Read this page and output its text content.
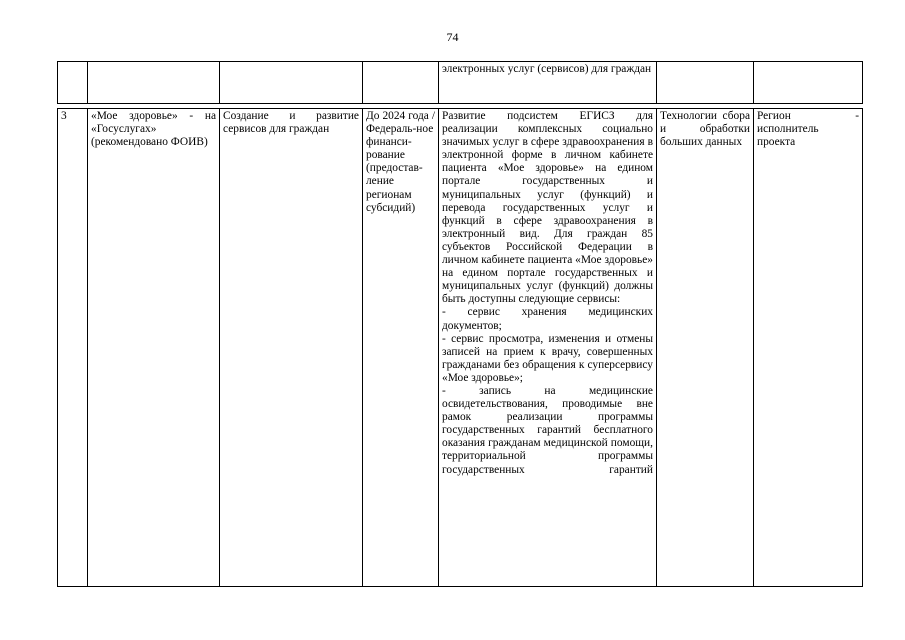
74
				электронных услуг (сервисов) для граждан		

3	«Мое здоровье» - на «Госуслугах» (рекомендовано ФОИВ)	Создание и развитие сервисов для граждан	До 2024 года / Федераль-ное финанси-рование (предостав-ление регионам субсидий)	Развитие подсистем ЕГИСЗ для реализации комплексных социально значимых услуг в сфере здравоохранения в электронной форме в личном кабинете пациента «Мое здоровье» на едином портале государственных и муниципальных услуг (функций) и перевода государственных услуг и функций в сфере здравоохранения в электронный вид. Для граждан 85 субъектов Российской Федерации в личном кабинете пациента «Мое здоровье» на едином портале государственных и муниципальных услуг (функций) должны быть доступны следующие сервисы:
- сервис хранения медицинских документов;
- сервис просмотра, изменения и отмены записей на прием к врачу, совершенных гражданами без обращения к суперсервису «Мое здоровье»;
- запись на медицинские освидетельствования, проводимые вне рамок реализации программы государственных гарантий бесплатного оказания гражданам медицинской помощи, территориальной программы государственных гарантий	Технологии сбора и обработки больших данных	Регион - исполнитель проекта
